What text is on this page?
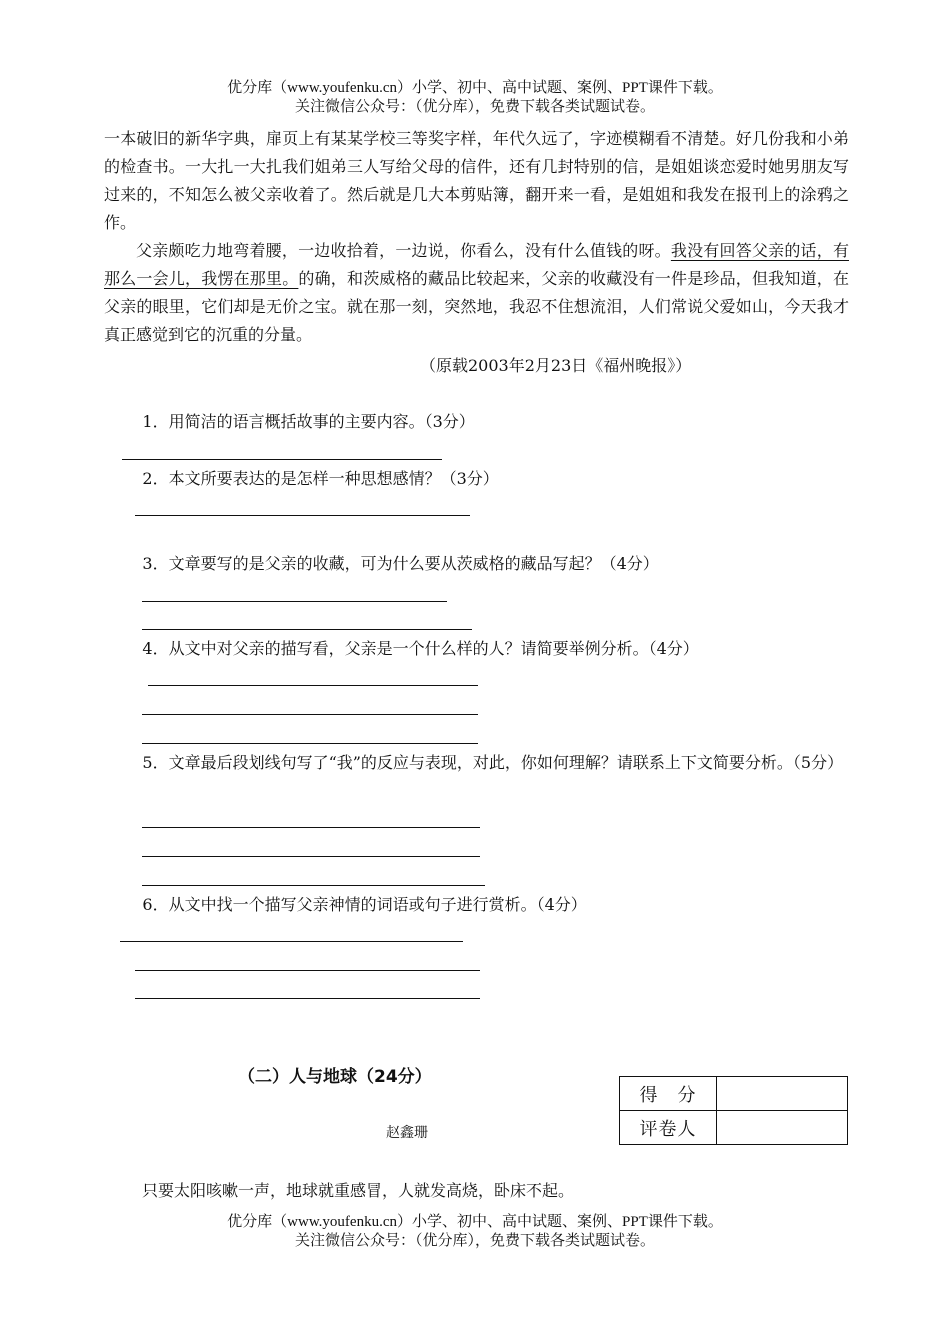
优分库（www.youfenku.cn）小学、初中、高中试题、案例、PPT课件下载。
关注微信公众号：（优分库），免费下载各类试题试卷。

一本破旧的新华字典，扉页上有某某学校三等奖字样，年代久远了，字迹模糊看不清楚。好几份我和小弟的检查书。一大扎一大扎我们姐弟三人写给父母的信件，还有几封特别的信，是姐姐谈恋爱时她男朋友写过来的，不知怎么被父亲收着了。然后就是几大本剪贴簿，翻开来一看，是姐姐和我发在报刊上的涂鸦之作。

父亲颇吃力地弯着腰，一边收拾着，一边说，你看么，没有什么值钱的呀。我没有回答父亲的话，有那么一会儿，我愣在那里。的确，和茨威格的藏品比较起来，父亲的收藏没有一件是珍品，但我知道，在父亲的眼里，它们却是无价之宝。就在那一刻，突然地，我忍不住想流泪，人们常说父爱如山，今天我才真正感觉到它的沉重的分量。

（原载2003年2月23日《福州晚报》）
1．用简洁的语言概括故事的主要内容。（3分）
2．本文所要表达的是怎样一种思想感情？（3分）
3．文章要写的是父亲的收藏，可为什么要从茨威格的藏品写起？（4分）
4．从文中对父亲的描写看，父亲是一个什么样的人？请简要举例分析。（4分）
5．文章最后段划线句写了“我”的反应与表现，对此，你如何理解？请联系上下文简要分析。（5分）
6．从文中找一个描写父亲神情的词语或句子进行赏析。（4分）
（二）人与地球（24分）
得　分	
评卷人	
赵鑫珊
只要太阳咳嗽一声，地球就重感冒，人就发高烧，卧床不起。
优分库（www.youfenku.cn）小学、初中、高中试题、案例、PPT课件下载。
关注微信公众号：（优分库），免费下载各类试题试卷。
